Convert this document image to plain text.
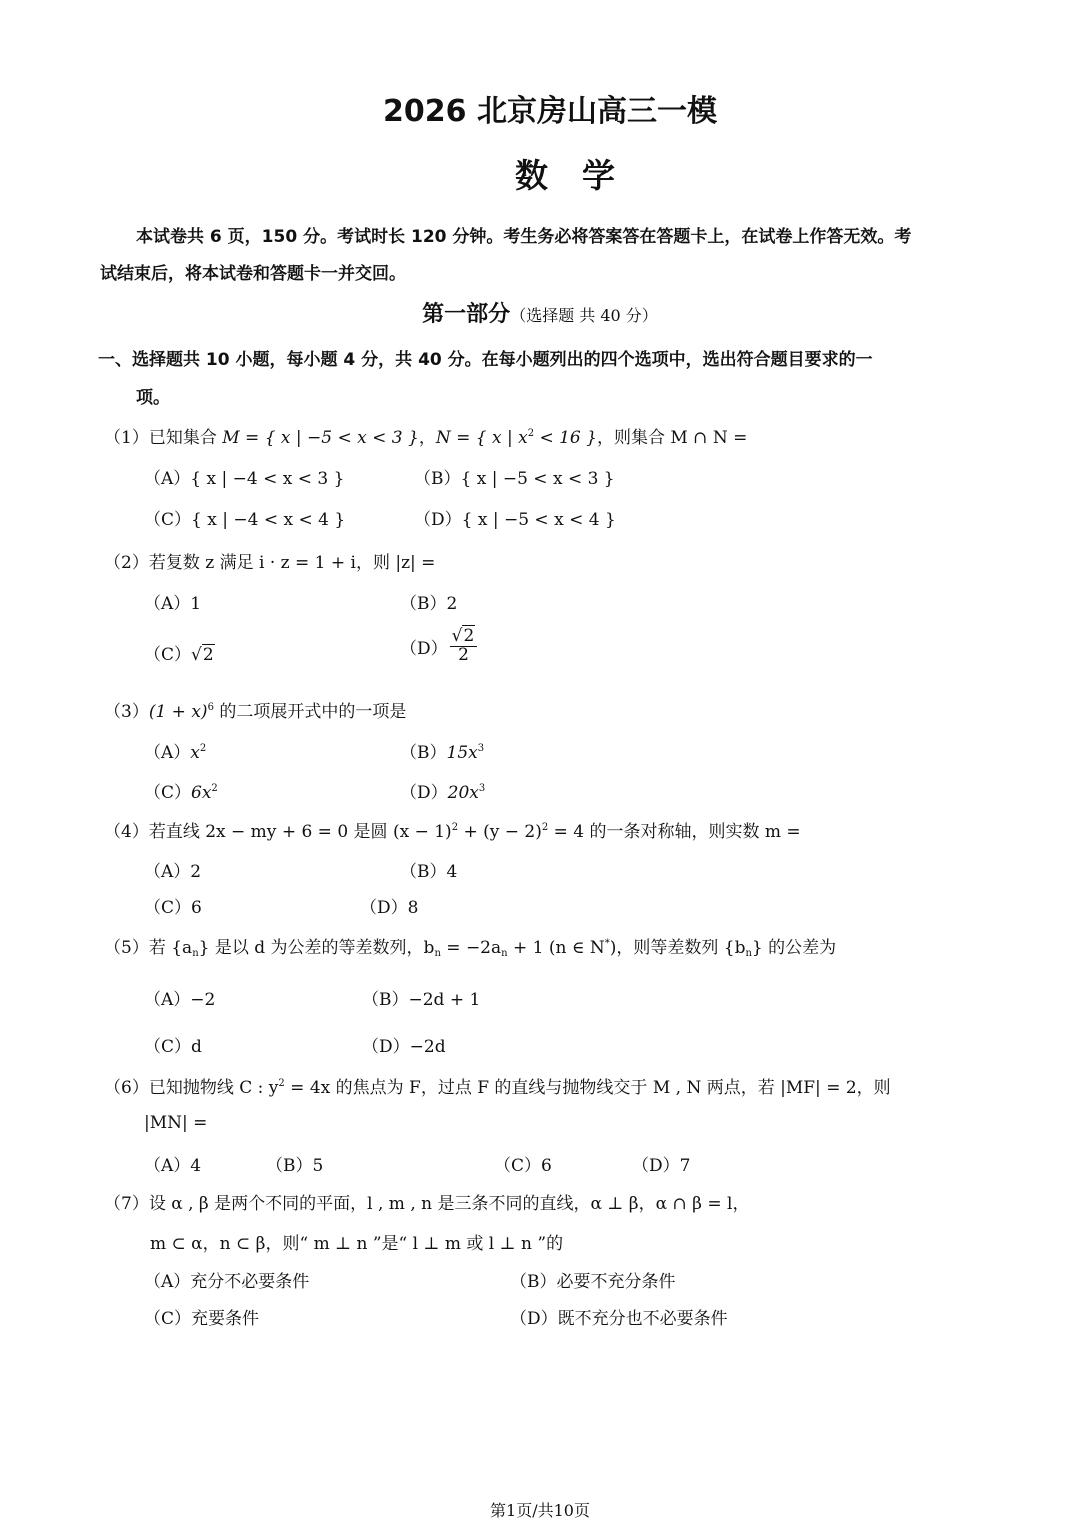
2026 北京房山高三一模
数学
本试卷共 6 页，150 分。考试时长 120 分钟。考生务必将答案答在答题卡上，在试卷上作答无效。考
试结束后，将本试卷和答题卡一并交回。
第一部分（选择题 共 40 分）
一、选择题共 10 小题，每小题 4 分，共 40 分。在每小题列出的四个选项中，选出符合题目要求的一
项。
（1）已知集合 M = { x | −5 < x < 3 }，N = { x | $x^2 < 16$ }，则集合 M ∩ N =
（A）{ x | −4 < x < 3 }	（B）{ x | −5 < x < 3 }
（C）{ x | −4 < x < 4 }	（D）{ x | −5 < x < 4 }
（2）若复数 z 满足 i · z = 1 + i，则 |z| =
（A）1	（B）2
（C）√2	$(D) \frac{√2}{2}$
$(3)(1 + x)^6$ 的二项展开式中的一项是
$(A)x^2$	$(B)15x^3$
$(C)6x^2$	$(D)20x^3$
（4）若直线 2x − my + 6 = 0 是圆 $(x - 1)^2 + (y - 2)^2 = 4$ 的一条对称轴，则实数 m =
（A）2	（B）4
（C）6	（D）8
（5）若 $\{a_n\}$ 是以 d 为公差的等差数列，$b_n = -2a_n + 1$ (n ∈ N*)，则等差数列 $\{b_n\}$ 的公差为
（A）−2	（B）−2d + 1
（C）d	（D）−2d
（6）已知抛物线 C : $y^2 = 4x$ 的焦点为 F，过点 F 的直线与抛物线交于 M , N 两点，若 |MF| = 2，则
|MN| =
（A）4	（B）5	（C）6	（D）7
（7）设 α , β 是两个不同的平面，l , m , n 是三条不同的直线，α ⊥ β，α ∩ β = l，
m ⊂ α，n ⊂ β，则“ m ⊥ n ”是“ l ⊥ m 或 l ⊥ n ”的
（A）充分不必要条件	（B）必要不充分条件
（C）充要条件	（D）既不充分也不必要条件
第1页/共10页
